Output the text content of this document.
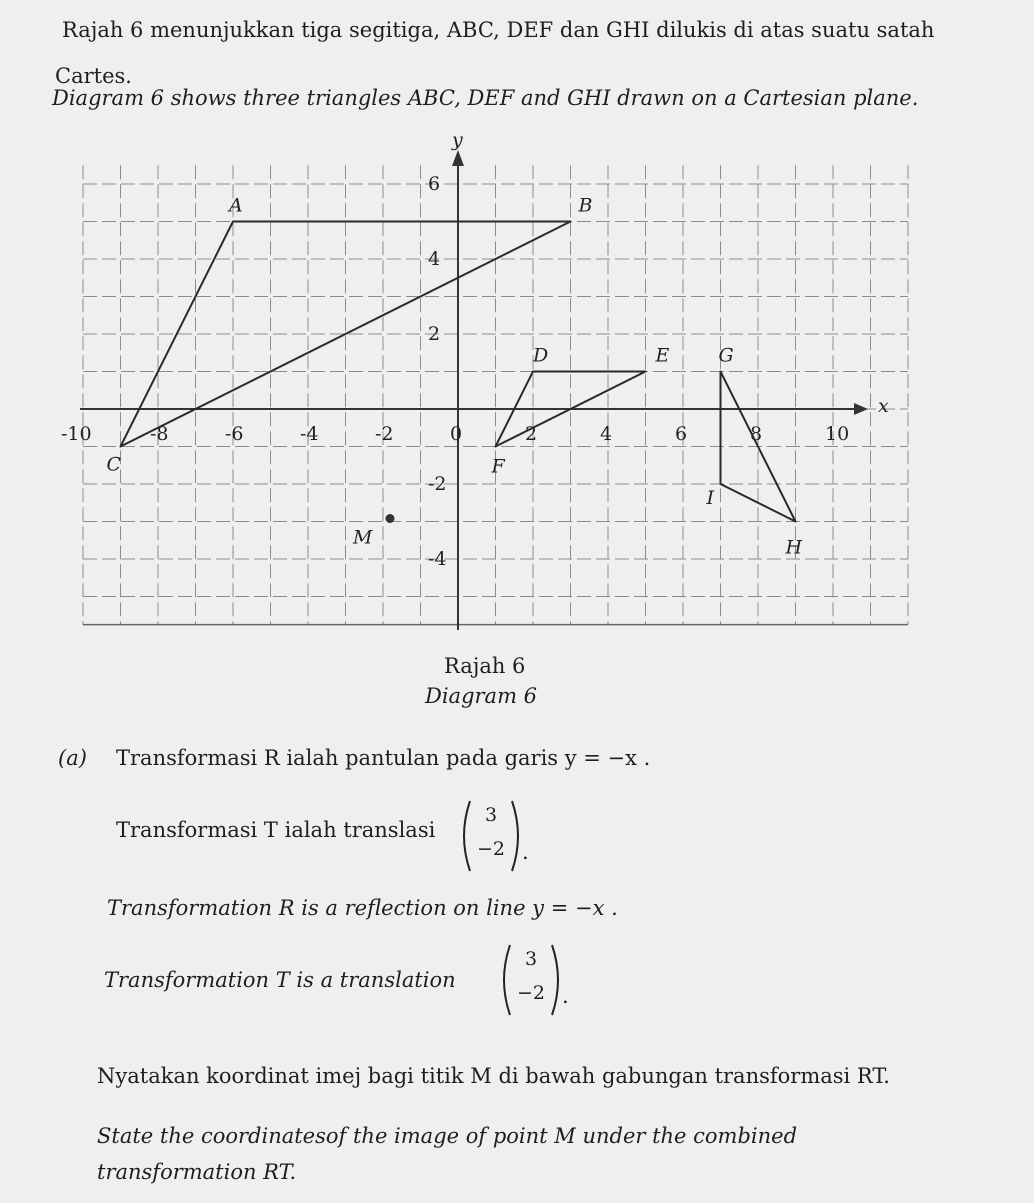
Rajah 6 menunjukkan tiga segitiga, ABC, DEF dan GHI dilukis di atas suatu satah
Cartes.
Diagram 6 shows three triangles ABC, DEF and GHI drawn on a Cartesian plane.
x
y
-10	-8	-6	-4	-2	0	2	4	6	8	10
6
4
2
-2
-4
A	B
C
D	E
F
G
H
I
M
Rajah 6
Diagram 6
(a) Transformasi R ialah pantulan pada garis y = −x .
Transformasi T ialah translasi
3
−2 .
Transformation R is a reflection on line y = −x .
Transformation T is a translation
3
−2 .
Nyatakan koordinat imej bagi titik M di bawah gabungan transformasi RT.
State the coordinatesof the image of point M under the combined
transformation RT.
